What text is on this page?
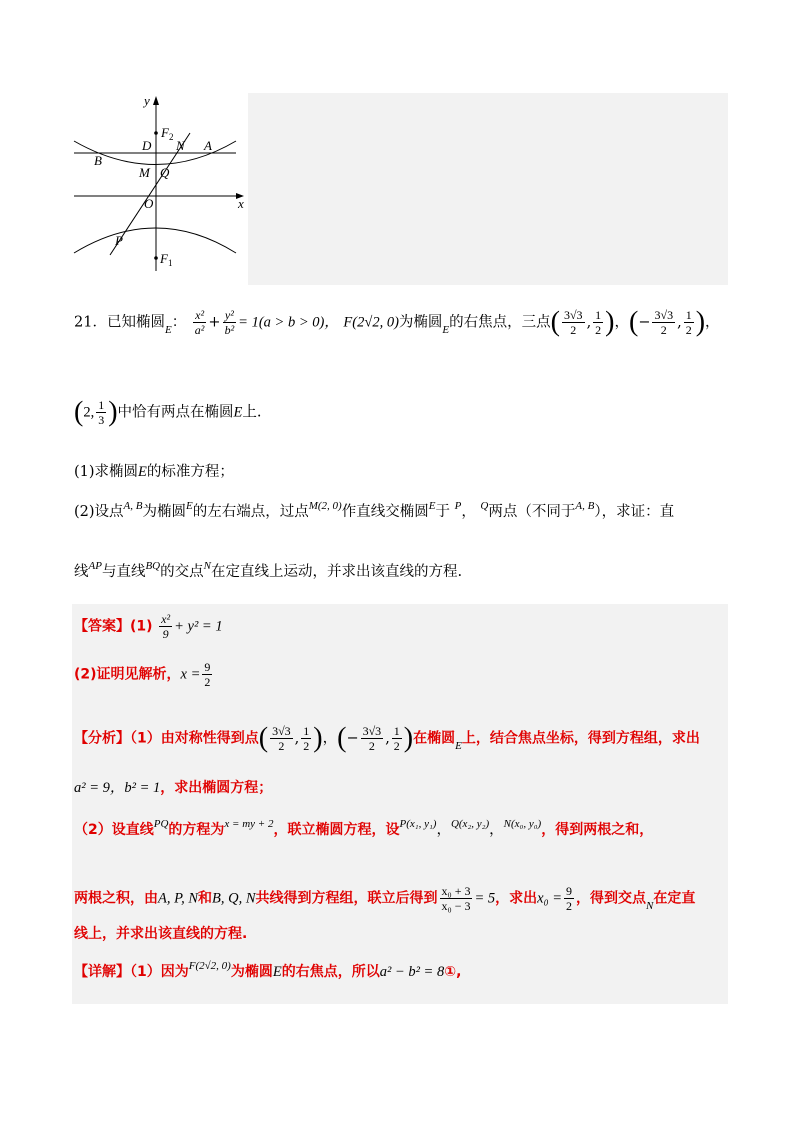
y
x
O
F 2
F 1
D N A
B
M Q
P
21．已知椭圆$_E$： $\frac{\text{x²}}{\text{a²}} + \frac{\text{y²}}{\text{b²}} = 1(a > b > 0)$， F(2√2, 0)为椭圆$_E$的右焦点，三点( $\frac{3√3}{2}$ , $\frac{1}{2}$ )，(− $\frac{3√3}{2}$ , $\frac{1}{2}$ )，
(2, $\frac{1}{3}$ )中恰有两点在椭圆E上.
(1)求椭圆E的标准方程；
(2)设点$^{A, B}$为椭圆$^E$的左右端点，过点$^{M(2, 0)}$作直线交椭圆$^E$于 $^P$， $^Q$两点（不同于$^{A, B}$），求证：直
线$^{AP}$与直线$^{BQ}$的交点$^N$在定直线上运动，并求出该直线的方程.
【答案】$(1) \frac{\text{x²}}{9} + y^2 = 1$
(2)证明见解析，$x = \frac{9}{2}$
【分析】（1）由对称性得到点( $\frac{3√3}{2}$ , $\frac{1}{2}$ )，(− $\frac{3√3}{2}$ , $\frac{1}{2}$ )在椭圆$_E$上，结合焦点坐标，得到方程组，求出
a² = 9，b² = 1，求出椭圆方程；
（2）设直线$^{PQ}$的方程为$^{x = my + 2}$，联立椭圆方程，设$^{P(x_1, y_1)}$，$^{Q(x_2, y_2)}$，$^{N(x_0, y_0)}$，得到两根之和，
两根之积，由A, P, N和B, Q, N共线得到方程组，联立后得到 $\frac{\text{x₀ + 3}}{\text{x₀ − 3}} = 5$，求出$x_0 = \frac{9}{2}$ ，得到交点$_N$在定直
线上，并求出该直线的方程.
【详解】（1）因为$^{F(2√2, 0)}$为椭圆E的右焦点，所以a² − b² = 8①,
